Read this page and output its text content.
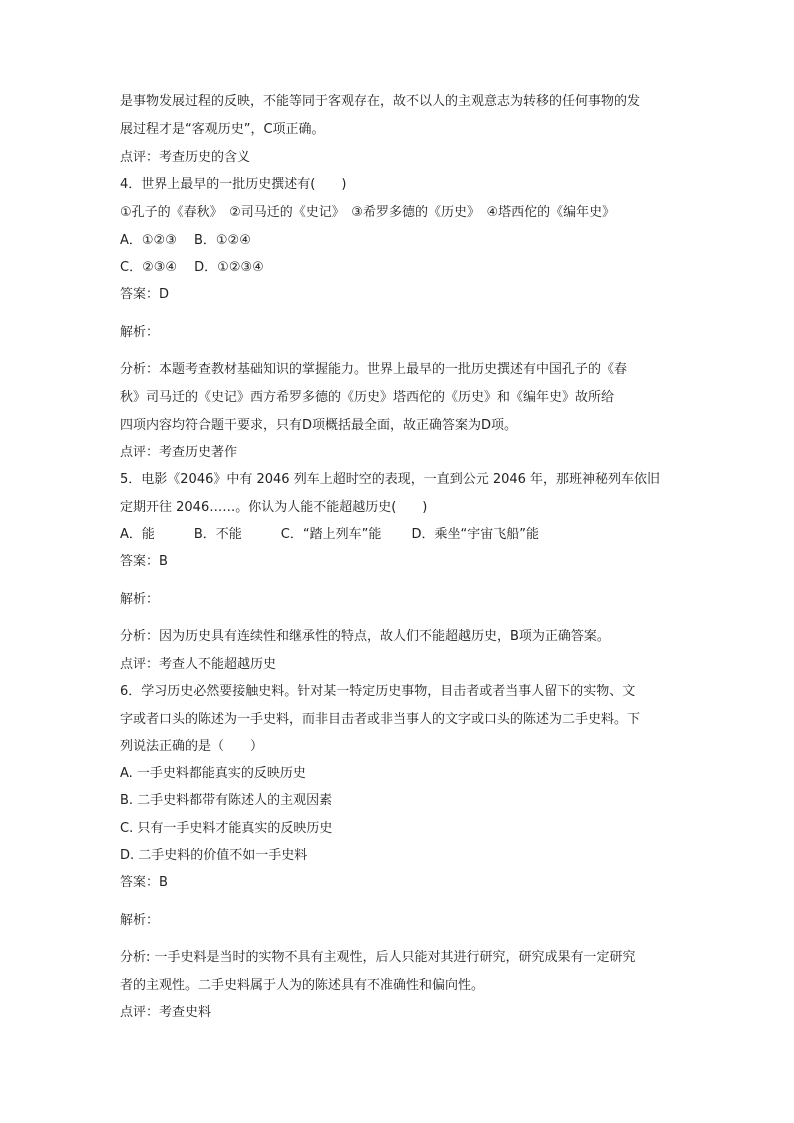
是事物发展过程的反映，不能等同于客观存在，故不以人的主观意志为转移的任何事物的发
展过程才是“客观历史”，C项正确。
点评：考查历史的含义
4．世界上最早的一批历史撰述有(　　)
①孔子的《春秋》　②司马迁的《史记》　③希罗多德的《历史》　④塔西佗的《编年史》
A．①②③　 B．①②④
C．②③④　 D．①②③④
答案：D
解析：
分析：本题考查教材基础知识的掌握能力。世界上最早的一批历史撰述有中国孔子的《春
秋》司马迁的《史记》西方希罗多德的《历史》塔西佗的《历史》和《编年史》故所给
四项内容均符合题干要求，只有D项概括最全面，故正确答案为D项。
点评：考查历史著作
5．电影《2046》中有 2046 列车上超时空的表现，一直到公元 2046 年，那班神秘列车依旧
定期开往 2046……。你认为人能不能超越历史(　　)
A．能　　　B．不能　　　C．“踏上列车”能　　 D．乘坐“宇宙飞船”能
答案：B
解析：
分析：因为历史具有连续性和继承性的特点，故人们不能超越历史，B项为正确答案。
点评：考查人不能超越历史
6．学习历史必然要接触史料。针对某一特定历史事物，目击者或者当事人留下的实物、文
字或者口头的陈述为一手史料，而非目击者或非当事人的文字或口头的陈述为二手史料。下
列说法正确的是（　　）
A. 一手史料都能真实的反映历史
B. 二手史料都带有陈述人的主观因素
C. 只有一手史料才能真实的反映历史
D. 二手史料的价值不如一手史料
答案：B
解析：
分析: 一手史料是当时的实物不具有主观性，后人只能对其进行研究，研究成果有一定研究
者的主观性。二手史料属于人为的陈述具有不准确性和偏向性。
点评：考查史料
